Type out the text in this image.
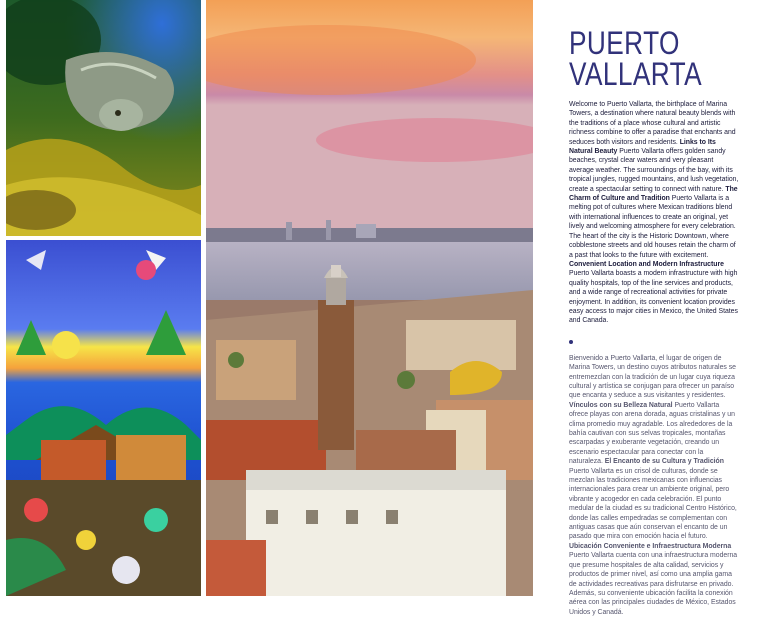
PUERTO
VALLARTA

Welcome to Puerto Vallarta, the birthplace of Marina Towers, a destination where natural beauty blends with the traditions of a place whose cultural and artistic richness combine to offer a paradise that enchants and seduces both visitors and residents. Links to Its Natural Beauty Puerto Vallarta offers golden sandy beaches, crystal clear waters and very pleasant average weather. The surroundings of the bay, with its tropical jungles, rugged mountains, and lush vegetation, create a spectacular setting to connect with nature. The Charm of Culture and Tradition Puerto Vallarta is a melting pot of cultures where Mexican traditions blend with international influences to create an original, yet lively and welcoming atmosphere for every celebration. The heart of the city is the Historic Downtown, where cobblestone streets and old houses retain the charm of a past that looks to the future with excitement. Convenient Location and Modern Infrastructure Puerto Vallarta boasts a modern infrastructure with high quality hospitals, top of the line services and products, and a wide range of recreational activities for private enjoyment. In addition, its convenient location provides easy access to major cities in Mexico, the United States and Canada.

Bienvenido a Puerto Vallarta, el lugar de origen de Marina Towers, un destino cuyos atributos naturales se entremezclan con la tradición de un lugar cuya riqueza cultural y artística se conjugan para ofrecer un paraíso que encanta y seduce a sus visitantes y residentes. Vínculos con su Belleza Natural Puerto Vallarta ofrece playas con arena dorada, aguas cristalinas y un clima promedio muy agradable. Los alrededores de la bahía cautivan con sus selvas tropicales, montañas escarpadas y exuberante vegetación, creando un escenario espectacular para conectar con la naturaleza. El Encanto de su Cultura y Tradición Puerto Vallarta es un crisol de culturas, donde se mezclan las tradiciones mexicanas con influencias internacionales para crear un ambiente original, pero vibrante y acogedor en cada celebración. El punto medular de la ciudad es su tradicional Centro Histórico, donde las calles empedradas se complementan con antiguas casas que aún conservan el encanto de un pasado que mira con emoción hacia el futuro. Ubicación Conveniente e Infraestructura Moderna Puerto Vallarta cuenta con una infraestructura moderna que presume hospitales de alta calidad, servicios y productos de primer nivel, así como una amplia gama de actividades recreativas para disfrutarse en privado. Además, su conveniente ubicación facilita la conexión aérea con las principales ciudades de México, Estados Unidos y Canadá.
